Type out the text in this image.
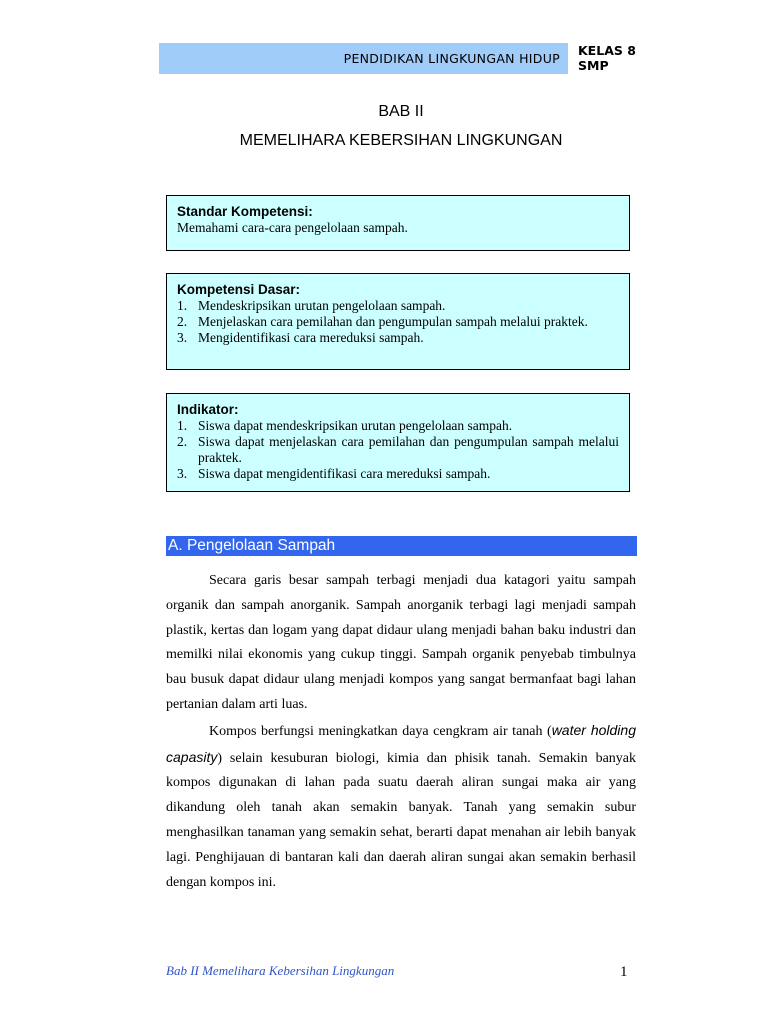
PENDIDIKAN LINGKUNGAN HIDUP
KELAS 8
SMP
BAB II
MEMELIHARA KEBERSIHAN LINGKUNGAN
Standar Kompetensi:
Memahami cara-cara pengelolaan sampah.
Kompetensi Dasar:
1. Mendeskripsikan urutan pengelolaan sampah.
2. Menjelaskan cara pemilahan dan pengumpulan sampah melalui praktek.
3. Mengidentifikasi cara mereduksi sampah.
Indikator:
1. Siswa dapat mendeskripsikan urutan pengelolaan sampah.
2. Siswa dapat menjelaskan cara pemilahan dan pengumpulan sampah melalui praktek.
3. Siswa dapat mengidentifikasi cara mereduksi sampah.
A. Pengelolaan Sampah

Secara garis besar sampah terbagi menjadi dua katagori yaitu sampah organik dan sampah anorganik. Sampah anorganik terbagi lagi menjadi sampah plastik, kertas dan logam yang dapat didaur ulang menjadi bahan baku industri dan memilki nilai ekonomis yang cukup tinggi. Sampah organik penyebab timbulnya bau busuk dapat didaur ulang menjadi kompos yang sangat bermanfaat bagi lahan pertanian dalam arti luas.

Kompos berfungsi meningkatkan daya cengkram air tanah (water holding capasity) selain kesuburan biologi, kimia dan phisik tanah. Semakin banyak kompos digunakan di lahan pada suatu daerah aliran sungai maka air yang dikandung oleh tanah akan semakin banyak. Tanah yang semakin subur menghasilkan tanaman yang semakin sehat, berarti dapat menahan air lebih banyak lagi. Penghijauan di bantaran kali dan daerah aliran sungai akan semakin berhasil dengan kompos ini.

Bab II Memelihara Kebersihan Lingkungan	1
